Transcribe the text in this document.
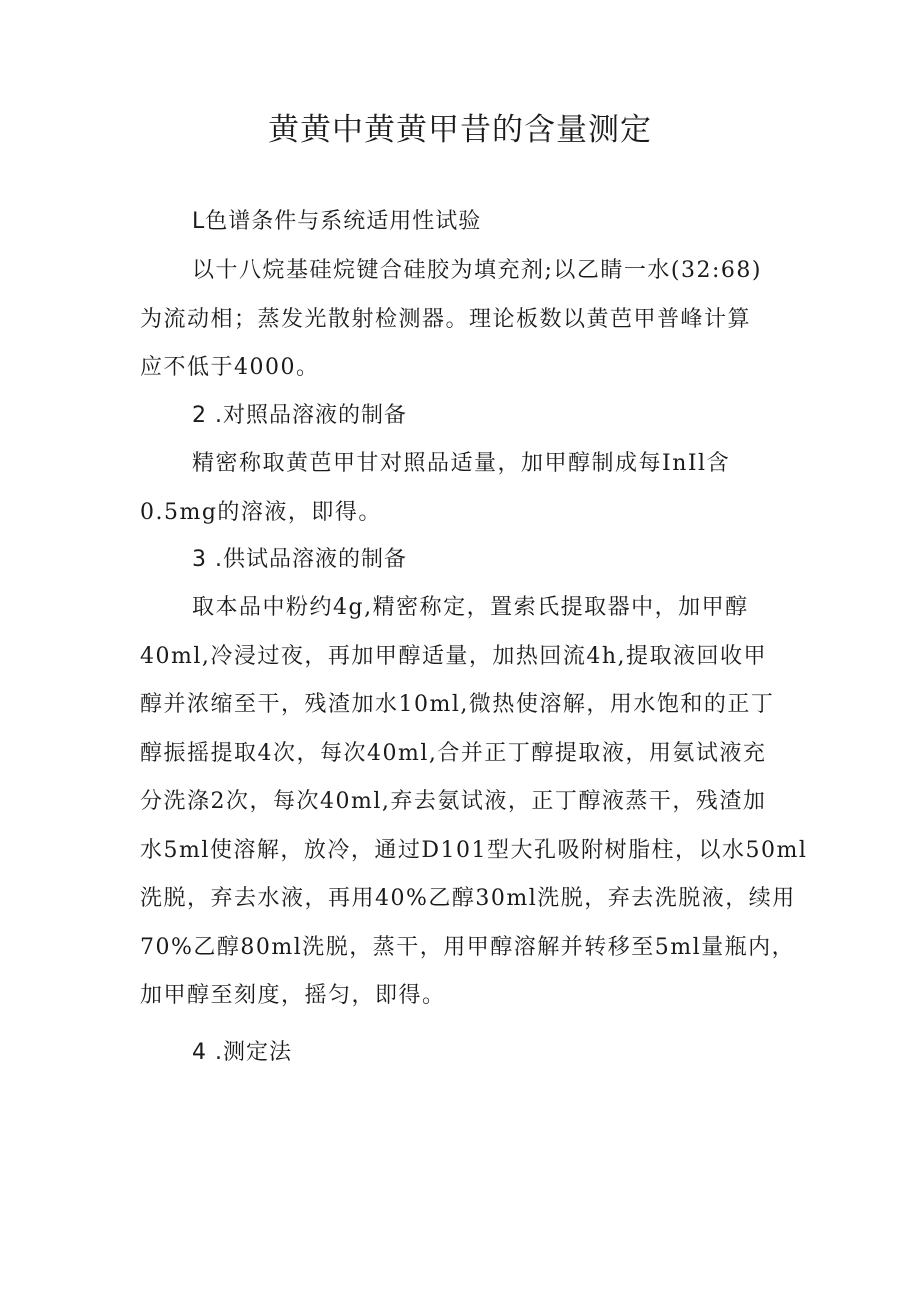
黄黄中黄黄甲昔的含量测定
L色谱条件与系统适用性试验
以十八烷基硅烷键合硅胶为填充剂;以乙睛一水(32:68)
为流动相；蒸发光散射检测器。理论板数以黄芭甲普峰计算
应不低于4000。
2 .对照品溶液的制备
精密称取黄芭甲甘对照品适量，加甲醇制成每InIl含
0.5mg的溶液，即得。
3 .供试品溶液的制备
取本品中粉约4g,精密称定，置索氏提取器中，加甲醇
40ml,冷浸过夜，再加甲醇适量，加热回流4h,提取液回收甲
醇并浓缩至干，残渣加水10ml,微热使溶解，用水饱和的正丁
醇振摇提取4次，每次40ml,合并正丁醇提取液，用氨试液充
分洗涤2次，每次40ml,弃去氨试液，正丁醇液蒸干，残渣加
水5ml使溶解，放冷，通过D101型大孔吸附树脂柱，以水50ml
洗脱，弃去水液，再用40%乙醇30ml洗脱，弃去洗脱液，续用
70%乙醇80ml洗脱，蒸干，用甲醇溶解并转移至5ml量瓶内，
加甲醇至刻度，摇匀，即得。
4 .测定法
